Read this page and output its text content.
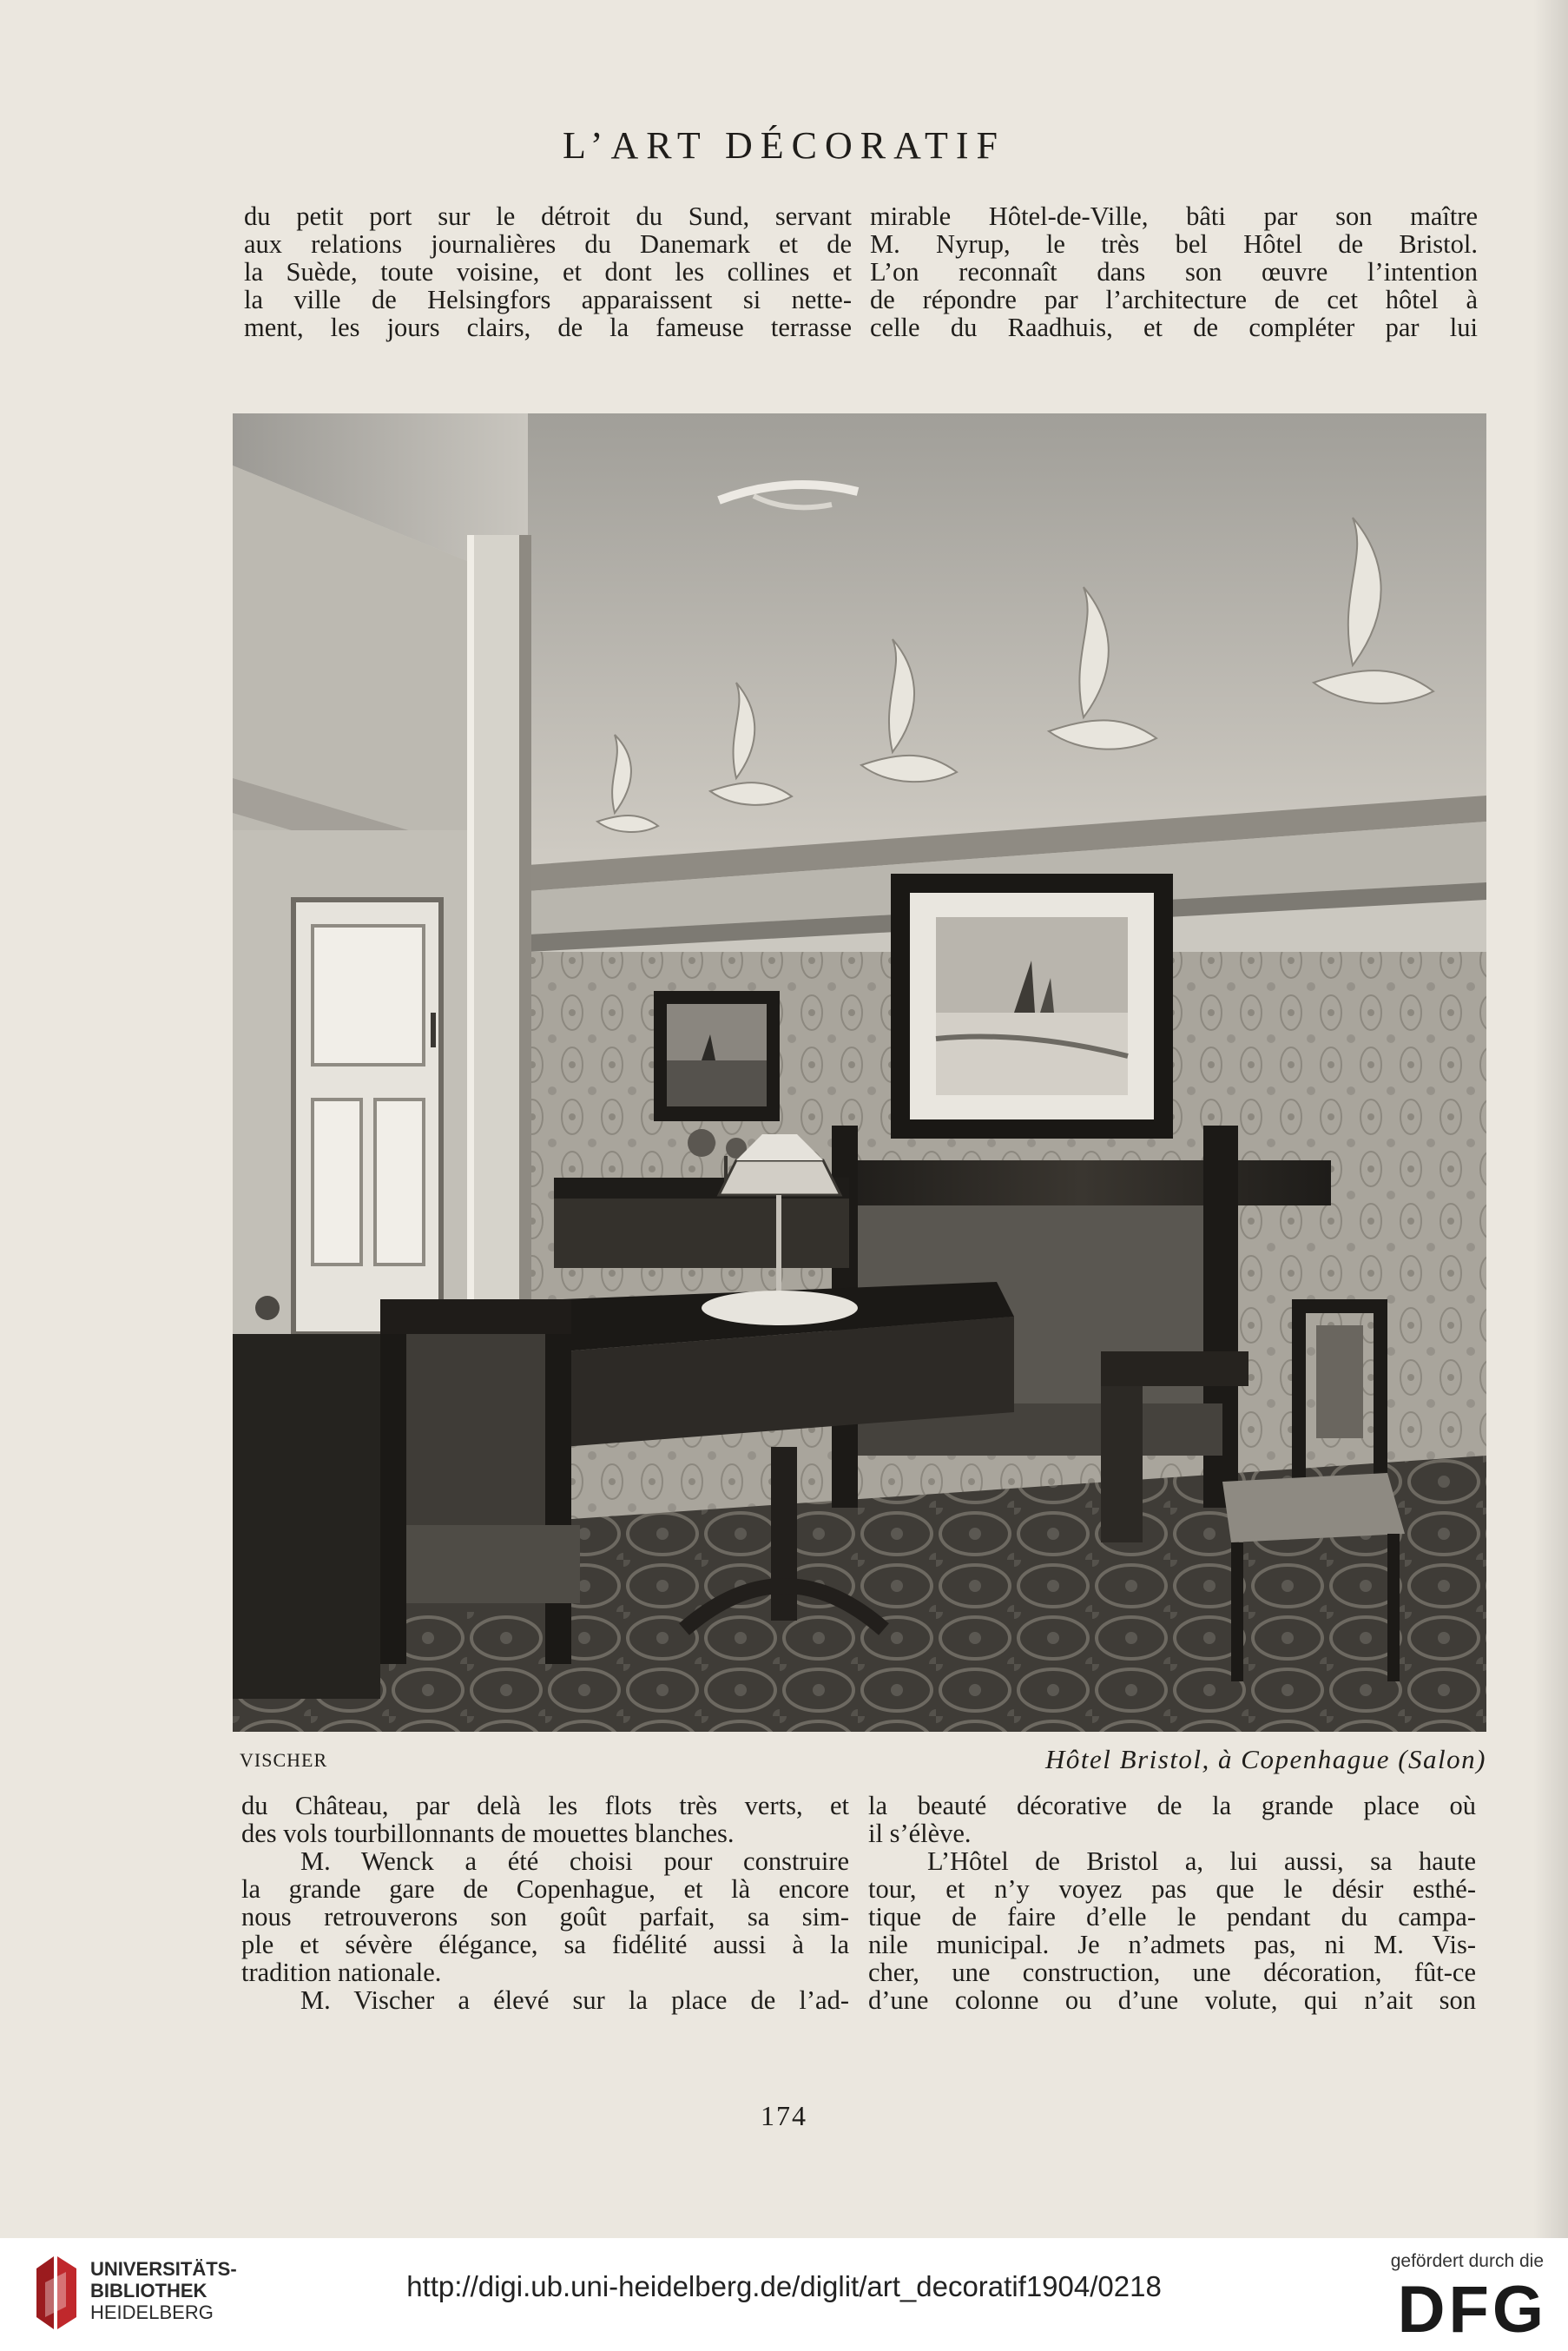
L’ART DÉCORATIF
du petit port sur le détroit du Sund, servant
aux relations journalières du Danemark et de
la Suède, toute voisine, et dont les collines et
la ville de Helsingfors apparaissent si nette-
ment, les jours clairs, de la fameuse terrasse
mirable Hôtel-de-Ville, bâti par son maître
M. Nyrup, le très bel Hôtel de Bristol.
L’on reconnaît dans son œuvre l’intention
de répondre par l’architecture de cet hôtel à
celle du Raadhuis, et de compléter par lui
VISCHER	Hôtel Bristol, à Copenhague (Salon)
du Château, par delà les flots très verts, et
des vols tourbillonnants de mouettes blanches.
M. Wenck a été choisi pour construire
la grande gare de Copenhague, et là encore
nous retrouverons son goût parfait, sa sim-
ple et sévère élégance, sa fidélité aussi à la
tradition nationale.
M. Vischer a élevé sur la place de l’ad-
la beauté décorative de la grande place où
il s’élève.
L’Hôtel de Bristol a, lui aussi, sa haute
tour, et n’y voyez pas que le désir esthé-
tique de faire d’elle le pendant du campa-
nile municipal. Je n’admets pas, ni M. Vis-
cher, une construction, une décoration, fût-ce
d’une colonne ou d’une volute, qui n’ait son
174
UNIVERSITÄTS-
BIBLIOTHEK
HEIDELBERG
http://digi.ub.uni-heidelberg.de/diglit/art_decoratif1904/0218
gefördert durch die
DFG
